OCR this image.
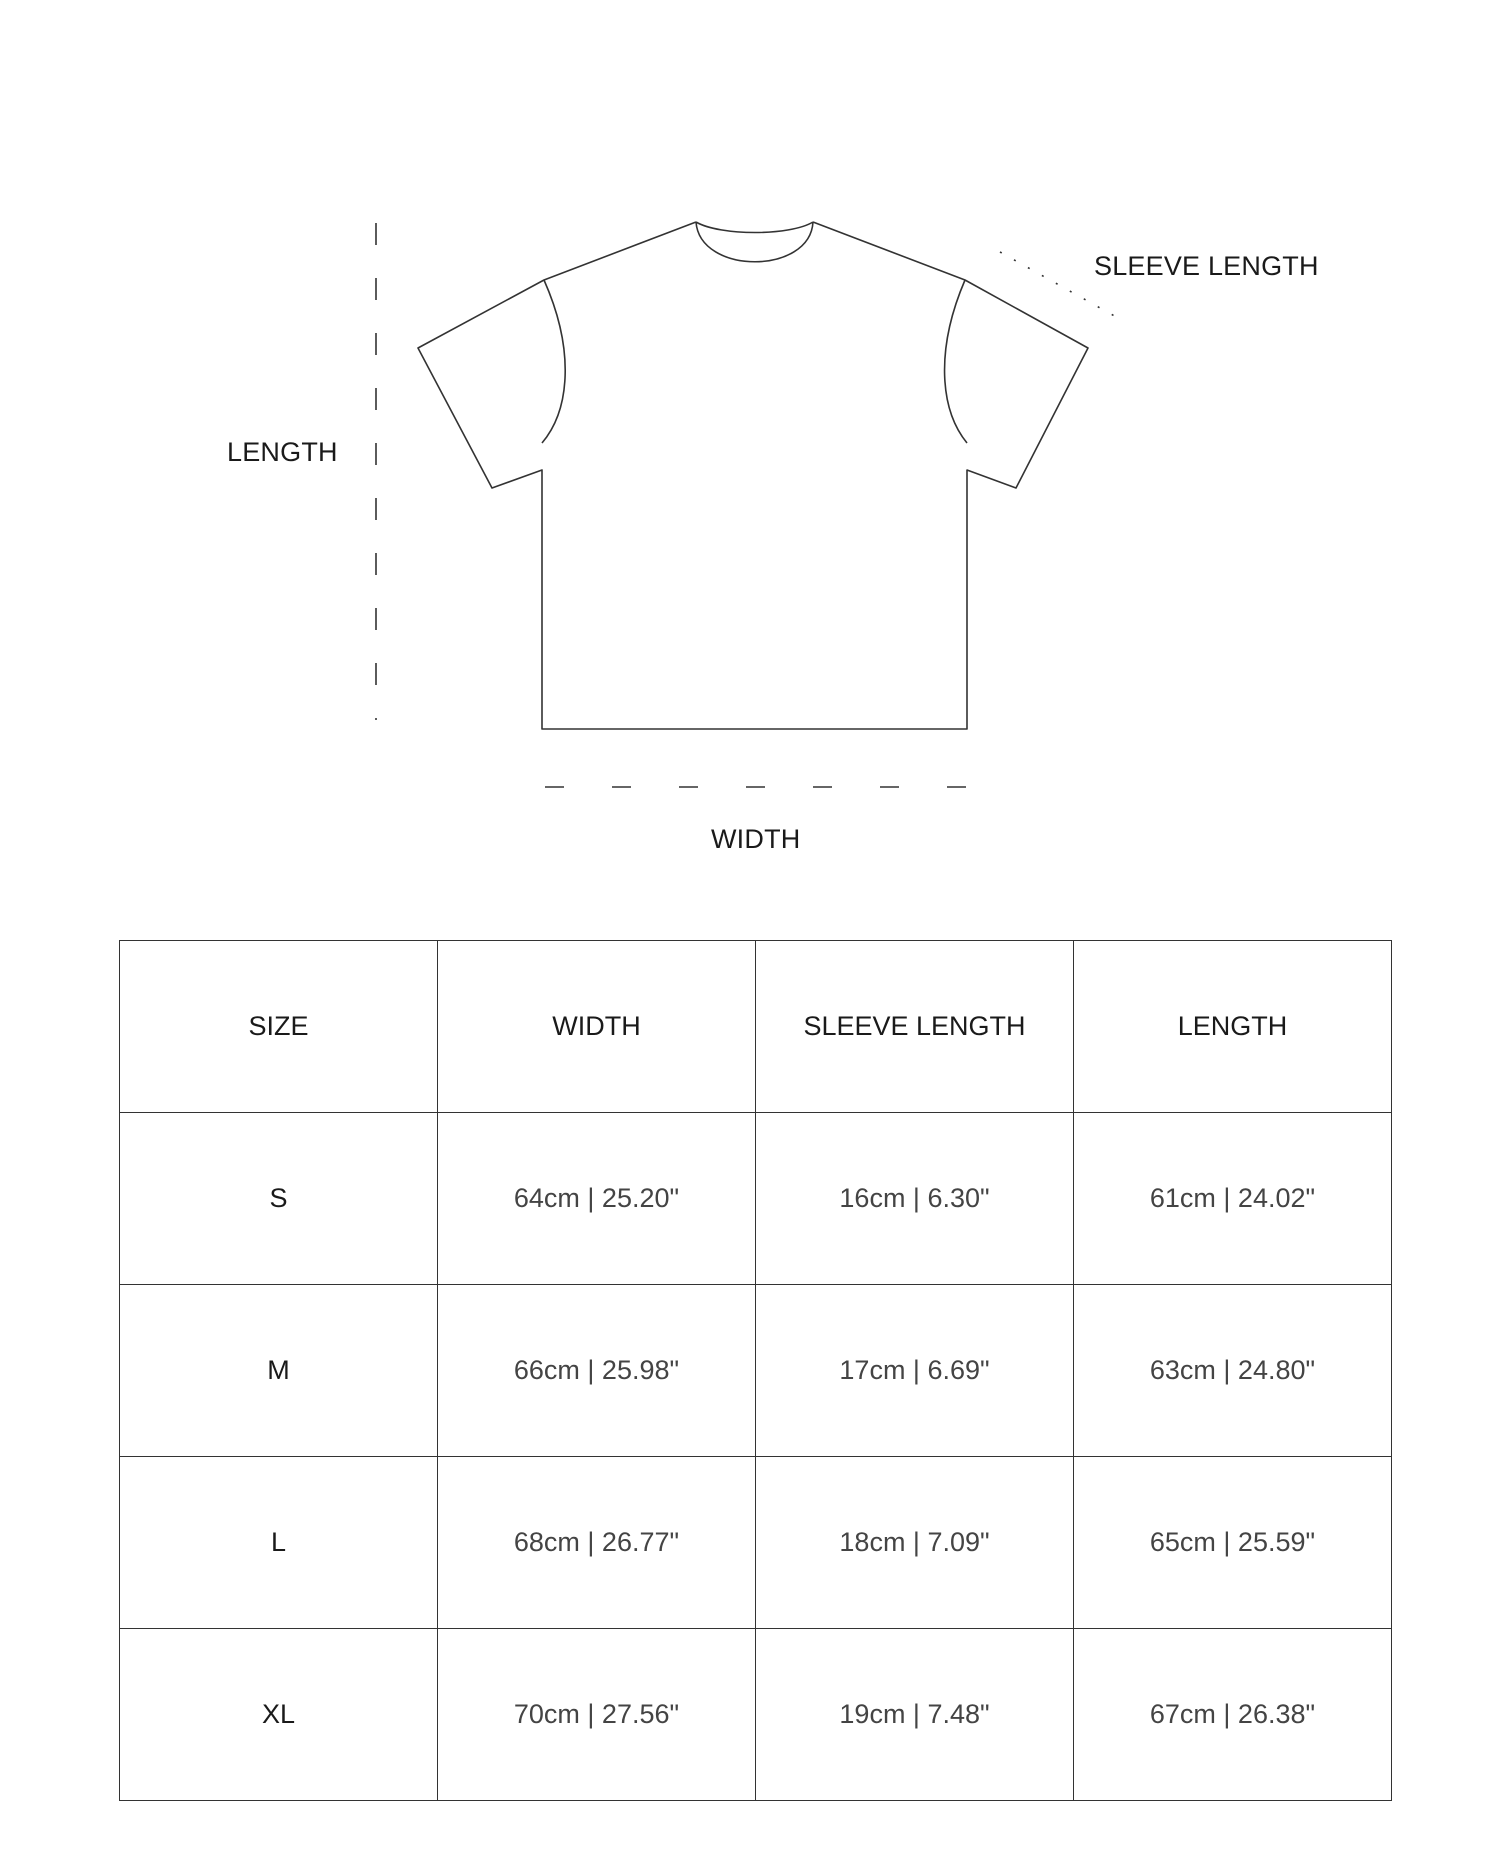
LENGTH
WIDTH
SLEEVE LENGTH
SIZE	WIDTH	SLEEVE LENGTH	LENGTH
S	64cm | 25.20"	16cm | 6.30"	61cm | 24.02"
M	66cm | 25.98"	17cm | 6.69"	63cm | 24.80"
L	68cm | 26.77"	18cm | 7.09"	65cm | 25.59"
XL	70cm | 27.56"	19cm | 7.48"	67cm | 26.38"
